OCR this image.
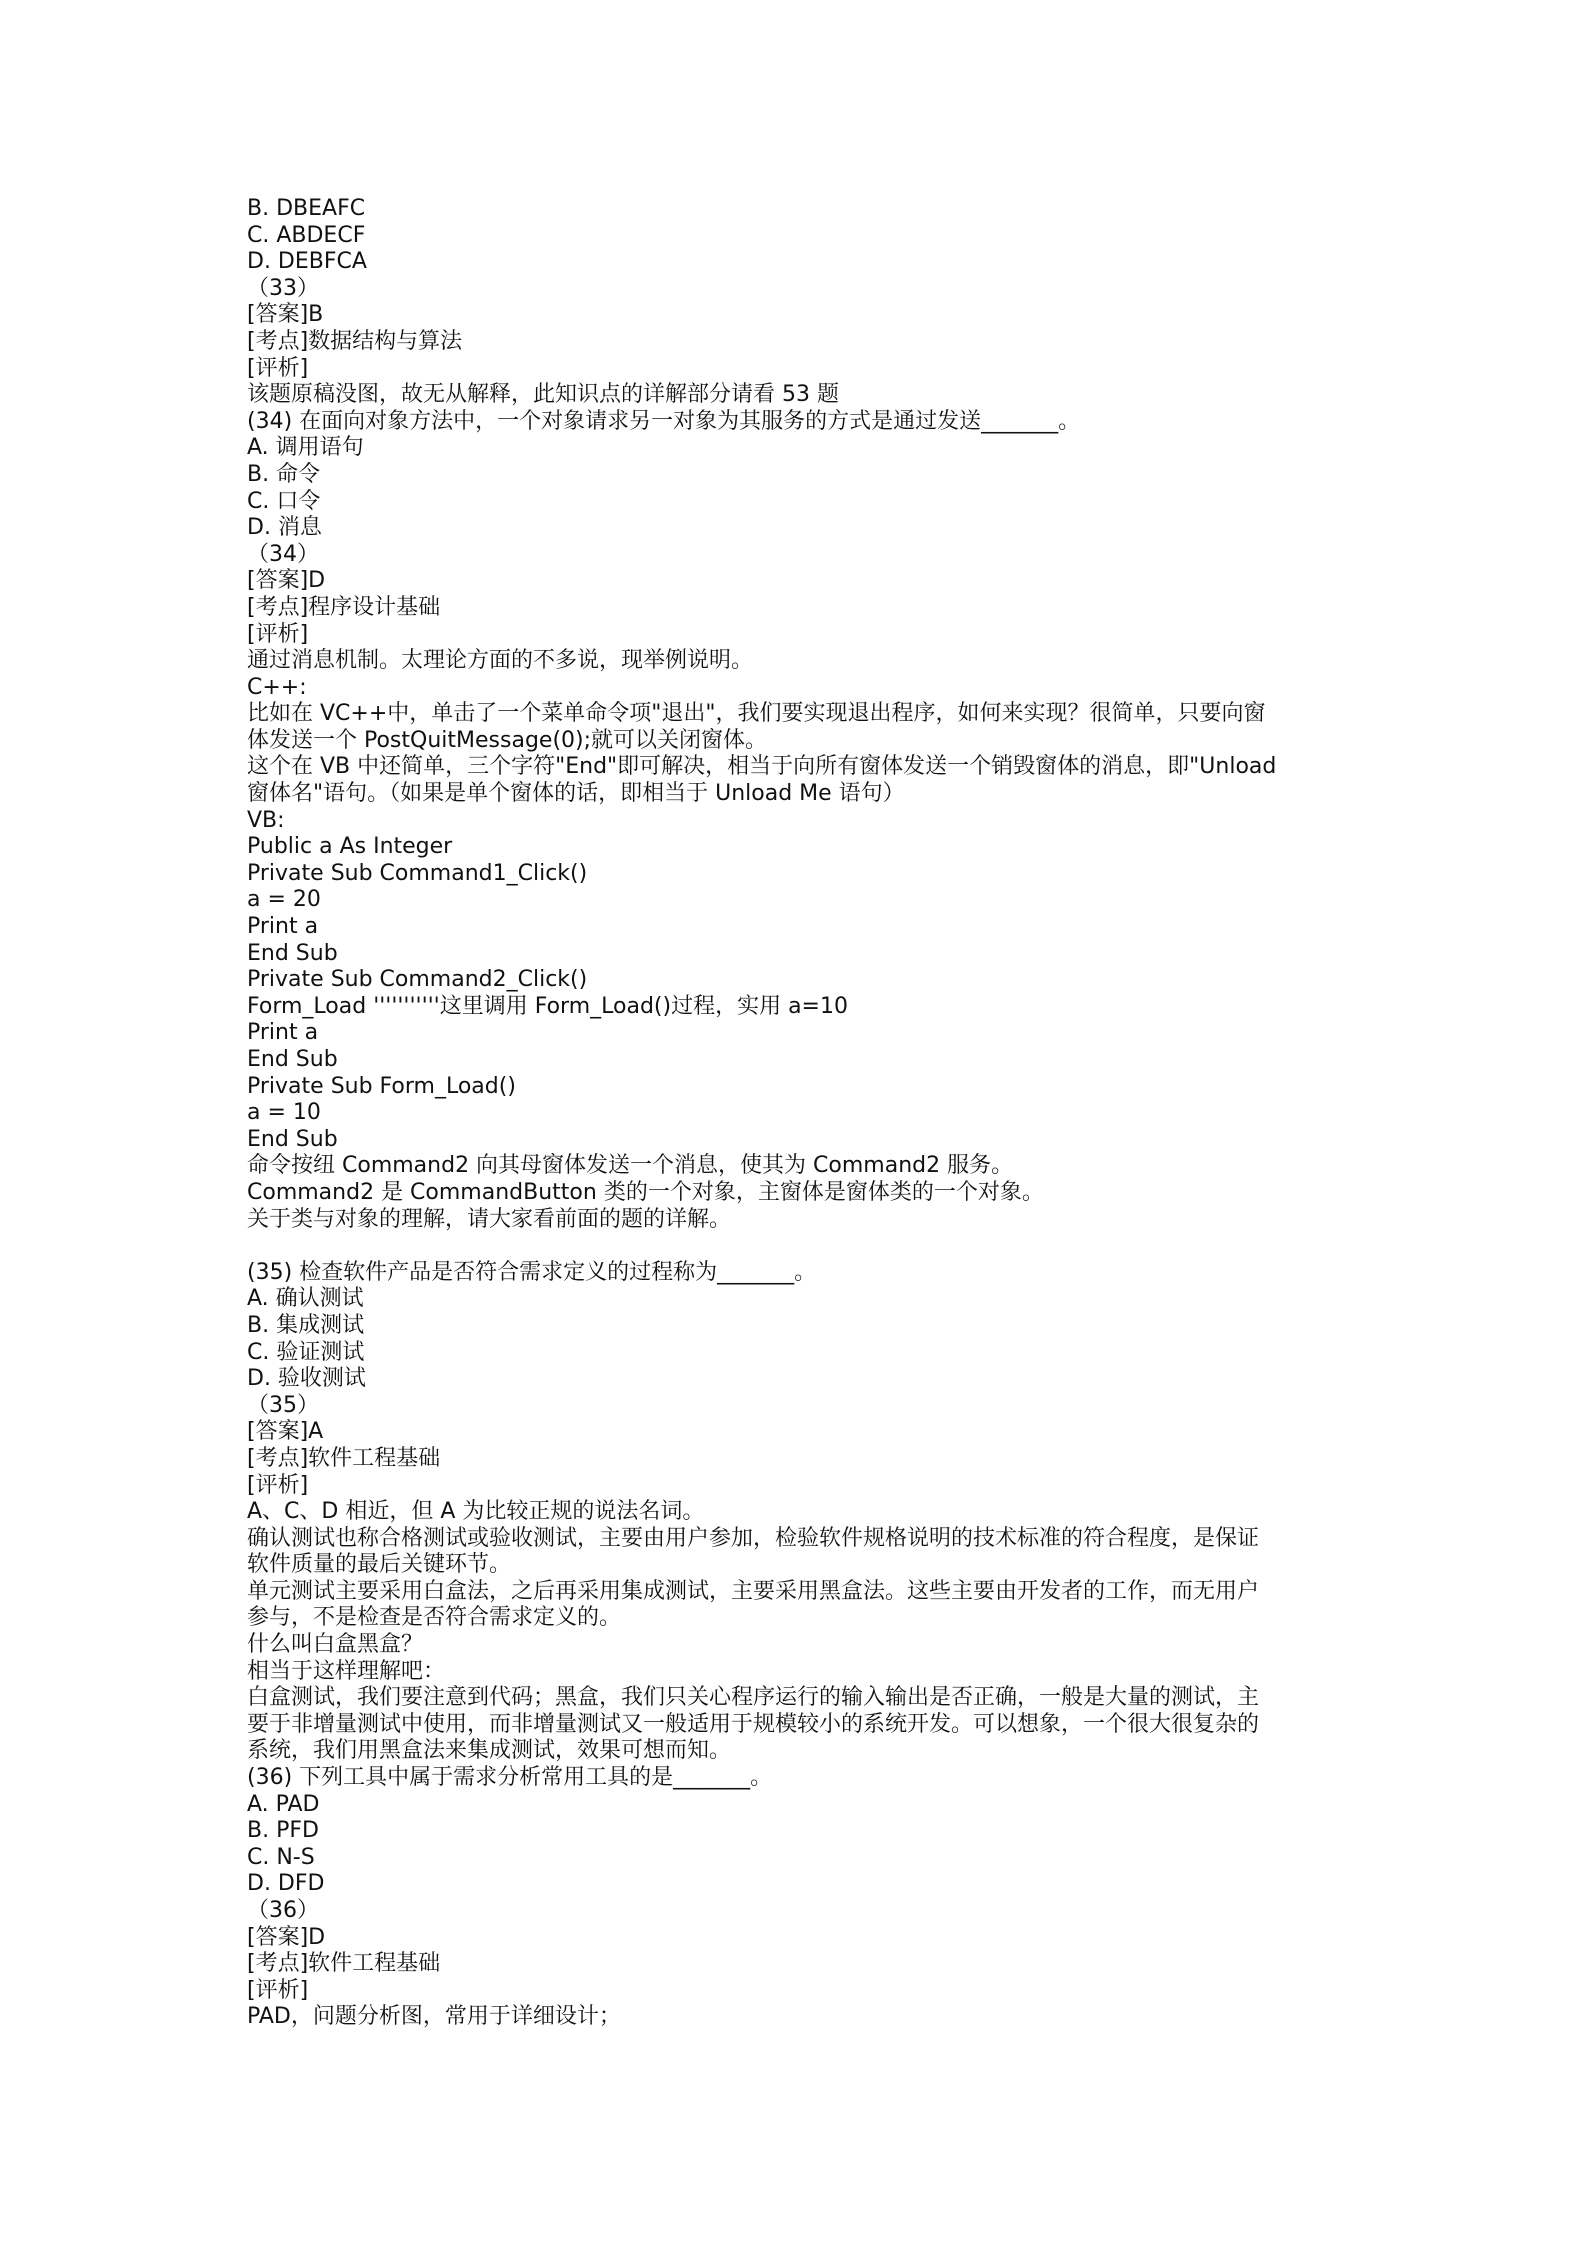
B. DBEAFC
C. ABDECF
D. DEBFCA
（33）
[答案]B
[考点]数据结构与算法
[评析]
该题原稿没图，故无从解释，此知识点的详解部分请看 53 题
(34) 在面向对象方法中，一个对象请求另一对象为其服务的方式是通过发送_______。
A. 调用语句
B. 命令
C. 口令
D. 消息
（34）
[答案]D
[考点]程序设计基础
[评析]
通过消息机制。太理论方面的不多说，现举例说明。
C++:
比如在 VC++中，单击了一个菜单命令项"退出"，我们要实现退出程序，如何来实现？很简单，只要向窗
体发送一个 PostQuitMessage(0);就可以关闭窗体。
这个在 VB 中还简单，三个字符"End"即可解决，相当于向所有窗体发送一个销毁窗体的消息，即"Unload
窗体名"语句。（如果是单个窗体的话，即相当于 Unload Me 语句）
VB:
Public a As Integer
Private Sub Command1_Click()
a = 20
Print a
End Sub
Private Sub Command2_Click()
Form_Load '''''''''''这里调用 Form_Load()过程，实用 a=10
Print a
End Sub
Private Sub Form_Load()
a = 10
End Sub
命令按纽 Command2 向其母窗体发送一个消息，使其为 Command2 服务。
Command2 是 CommandButton 类的一个对象，主窗体是窗体类的一个对象。
关于类与对象的理解，请大家看前面的题的详解。
(35) 检查软件产品是否符合需求定义的过程称为_______。
A. 确认测试
B. 集成测试
C. 验证测试
D. 验收测试
（35）
[答案]A
[考点]软件工程基础
[评析]
A、C、D 相近，但 A 为比较正规的说法名词。
确认测试也称合格测试或验收测试，主要由用户参加，检验软件规格说明的技术标准的符合程度，是保证
软件质量的最后关键环节。
单元测试主要采用白盒法，之后再采用集成测试，主要采用黑盒法。这些主要由开发者的工作，而无用户
参与，不是检查是否符合需求定义的。
什么叫白盒黑盒？
相当于这样理解吧：
白盒测试，我们要注意到代码；黑盒，我们只关心程序运行的输入输出是否正确，一般是大量的测试，主
要于非增量测试中使用，而非增量测试又一般适用于规模较小的系统开发。可以想象，一个很大很复杂的
系统，我们用黑盒法来集成测试，效果可想而知。
(36) 下列工具中属于需求分析常用工具的是_______。
A. PAD
B. PFD
C. N-S
D. DFD
（36）
[答案]D
[考点]软件工程基础
[评析]
PAD，问题分析图，常用于详细设计；
